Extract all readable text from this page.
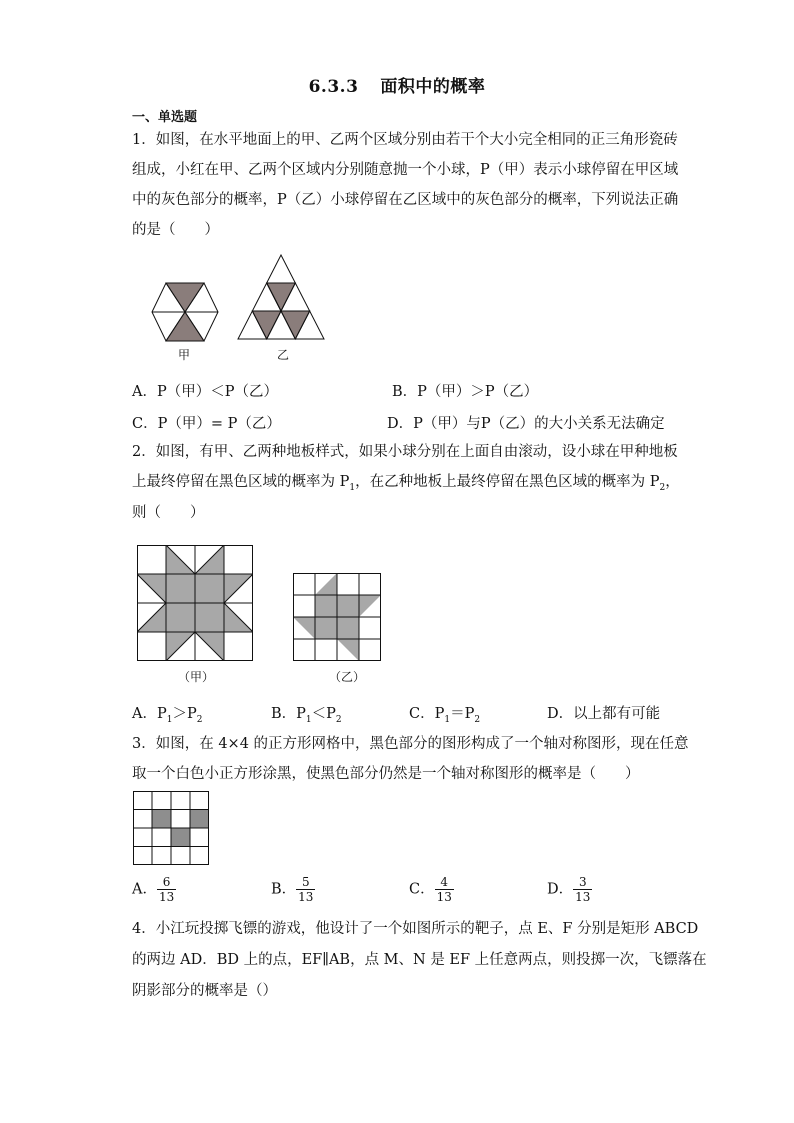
6.3.3 面积中的概率
一、单选题
1．如图，在水平地面上的甲、乙两个区域分别由若干个大小完全相同的正三角形瓷砖
组成，小红在甲、乙两个区域内分别随意抛一个小球，P（甲）表示小球停留在甲区域
中的灰色部分的概率，P（乙）小球停留在乙区域中的灰色部分的概率，下列说法正确
的是（　　）
甲	乙
A．P（甲）＜P（乙）	B．P（甲）＞P（乙）
C．P（甲）= P（乙）	D．P（甲）与P（乙）的大小关系无法确定
2．如图，有甲、乙两种地板样式，如果小球分别在上面自由滚动，设小球在甲种地板
上最终停留在黑色区域的概率为 $P_1$，在乙种地板上最终停留在黑色区域的概率为 $P_2$，
则（　　）
（甲）	（乙）
A．$P_1>P_2$	B．$P_1<P_2$	C．$P_1=P_2$	D．以上都有可能
3．如图，在 4×4 的正方形网格中，黑色部分的图形构成了一个轴对称图形，现在任意
取一个白色小正方形涂黑，使黑色部分仍然是一个轴对称图形的概率是（　　）
A． $\frac{6}{13}$	B． $\frac{5}{13}$	C． $\frac{4}{13}$	D． $\frac{3}{13}$
4．小江玩投掷飞镖的游戏，他设计了一个如图所示的靶子，点 E、F 分别是矩形 ABCD
的两边 AD．BD 上的点，EF∥AB，点 M、N 是 EF 上任意两点，则投掷一次，飞镖落在
阴影部分的概率是（）
